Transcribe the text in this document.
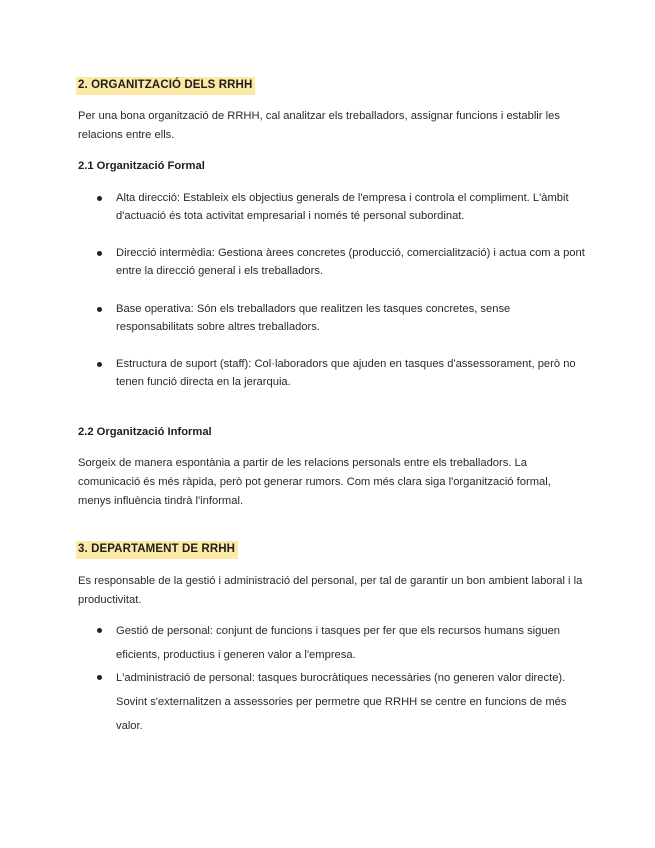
2. ORGANITZACIÓ DELS RRHH
Per una bona organització de RRHH, cal analitzar els treballadors, assignar funcions i establir les relacions entre ells.
2.1 Organització Formal
Alta direcció: Estableix els objectius generals de l'empresa i controla el compliment. L'àmbit d'actuació és tota activitat empresarial i només té personal subordinat.
Direcció intermèdia: Gestiona àrees concretes (producció, comercialització) i actua com a pont entre la direcció general i els treballadors.
Base operativa: Són els treballadors que realitzen les tasques concretes, sense responsabilitats sobre altres treballadors.
Estructura de suport (staff): Col·laboradors que ajuden en tasques d'assessorament, però no tenen funció directa en la jerarquia.
2.2 Organització Informal
Sorgeix de manera espontània a partir de les relacions personals entre els treballadors. La comunicació és més ràpida, però pot generar rumors. Com més clara siga l'organització formal, menys influència tindrà l'informal.
3. DEPARTAMENT DE RRHH
Es responsable de la gestió i administració del personal, per tal de garantir un bon ambient laboral i la productivitat.
Gestió de personal: conjunt de funcions i tasques per fer que els recursos humans siguen eficients, productius i generen valor a l'empresa.
L'administració de personal: tasques burocràtiques necessàries (no generen valor directe). Sovint s'externalitzen a assessories per permetre que RRHH se centre en funcions de més valor.
